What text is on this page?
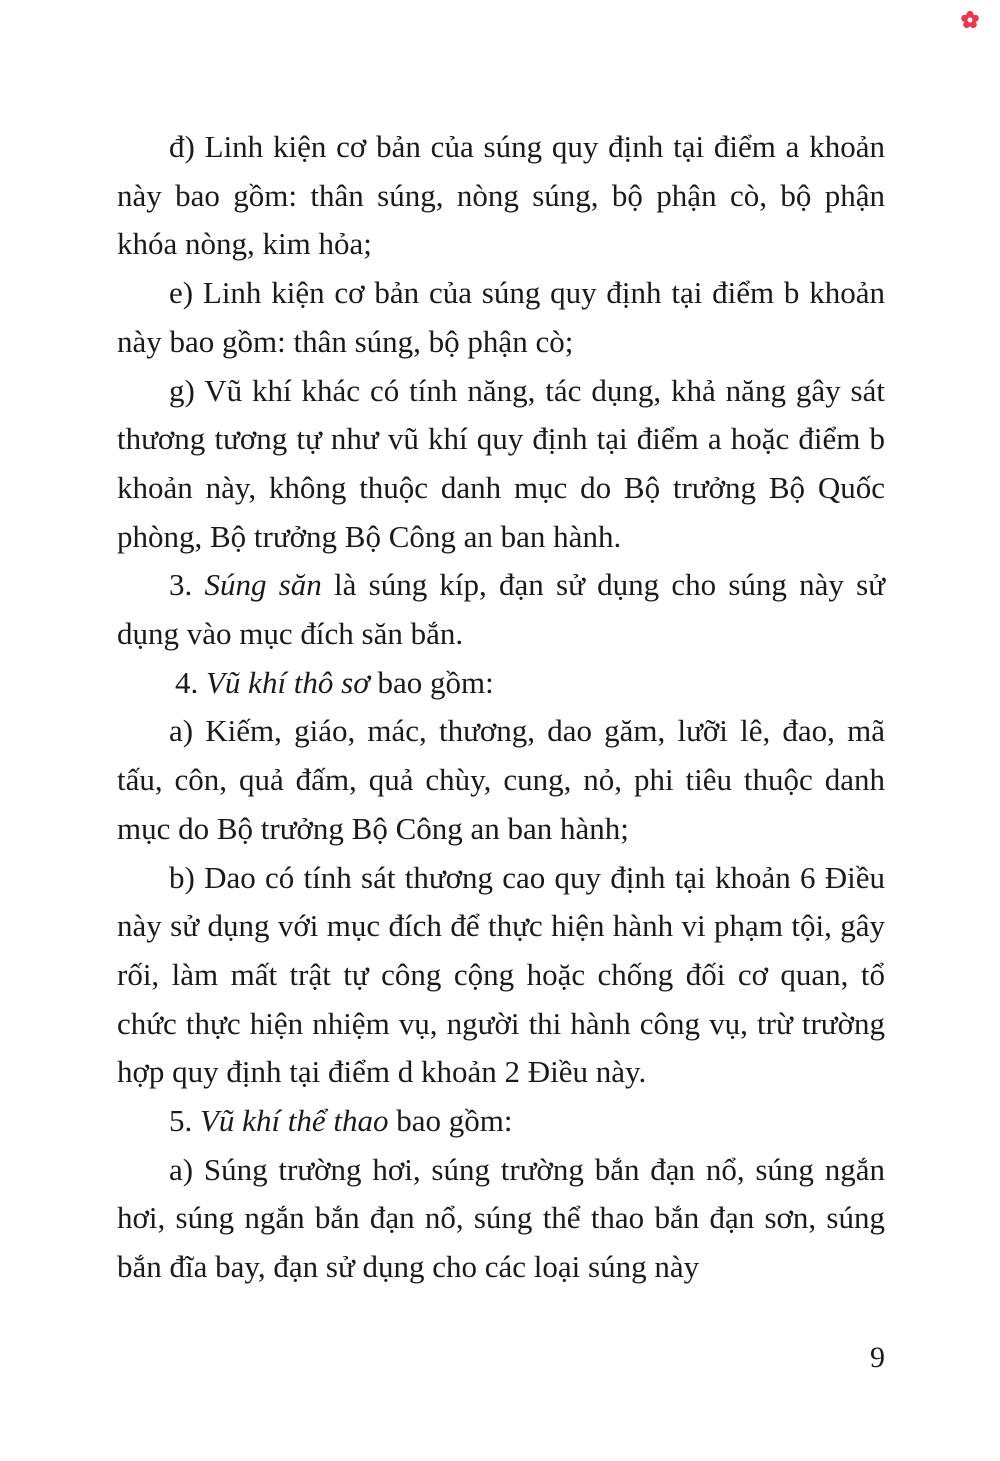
đ) Linh kiện cơ bản của súng quy định tại điểm a khoản này bao gồm: thân súng, nòng súng, bộ phận cò, bộ phận khóa nòng, kim hỏa;

e) Linh kiện cơ bản của súng quy định tại điểm b khoản này bao gồm: thân súng, bộ phận cò;

g) Vũ khí khác có tính năng, tác dụng, khả năng gây sát thương tương tự như vũ khí quy định tại điểm a hoặc điểm b khoản này, không thuộc danh mục do Bộ trưởng Bộ Quốc phòng, Bộ trưởng Bộ Công an ban hành.

3. Súng săn là súng kíp, đạn sử dụng cho súng này sử dụng vào mục đích săn bắn.

4. Vũ khí thô sơ bao gồm:

a) Kiếm, giáo, mác, thương, dao găm, lưỡi lê, đao, mã tấu, côn, quả đấm, quả chùy, cung, nỏ, phi tiêu thuộc danh mục do Bộ trưởng Bộ Công an ban hành;

b) Dao có tính sát thương cao quy định tại khoản 6 Điều này sử dụng với mục đích để thực hiện hành vi phạm tội, gây rối, làm mất trật tự công cộng hoặc chống đối cơ quan, tổ chức thực hiện nhiệm vụ, người thi hành công vụ, trừ trường hợp quy định tại điểm d khoản 2 Điều này.

5. Vũ khí thể thao bao gồm:

a) Súng trường hơi, súng trường bắn đạn nổ, súng ngắn hơi, súng ngắn bắn đạn nổ, súng thể thao bắn đạn sơn, súng bắn đĩa bay, đạn sử dụng cho các loại súng này

9
